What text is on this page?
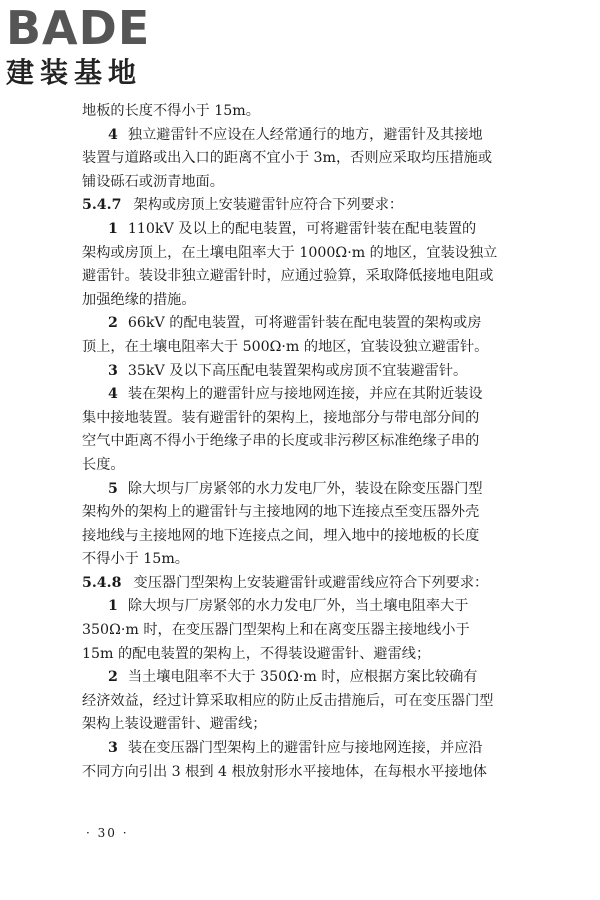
BADE
建装基地
地板的长度不得小于 15m。
4 独立避雷针不应设在人经常通行的地方，避雷针及其接地
装置与道路或出入口的距离不宜小于 3m，否则应采取均压措施或
铺设砾石或沥青地面。
5.4.7 架构或房顶上安装避雷针应符合下列要求：
1 110kV 及以上的配电装置，可将避雷针装在配电装置的
架构或房顶上，在土壤电阻率大于 1000Ω·m 的地区，宜装设独立
避雷针。装设非独立避雷针时，应通过验算，采取降低接地电阻或
加强绝缘的措施。
2 66kV 的配电装置，可将避雷针装在配电装置的架构或房
顶上，在土壤电阻率大于 500Ω·m 的地区，宜装设独立避雷针。
3 35kV 及以下高压配电装置架构或房顶不宜装避雷针。
4 装在架构上的避雷针应与接地网连接，并应在其附近装设
集中接地装置。装有避雷针的架构上，接地部分与带电部分间的
空气中距离不得小于绝缘子串的长度或非污秽区标准绝缘子串的
长度。
5 除大坝与厂房紧邻的水力发电厂外，装设在除变压器门型
架构外的架构上的避雷针与主接地网的地下连接点至变压器外壳
接地线与主接地网的地下连接点之间，埋入地中的接地板的长度
不得小于 15m。
5.4.8 变压器门型架构上安装避雷针或避雷线应符合下列要求：
1 除大坝与厂房紧邻的水力发电厂外，当土壤电阻率大于
350Ω·m 时，在变压器门型架构上和在离变压器主接地线小于
15m 的配电装置的架构上，不得装设避雷针、避雷线；
2 当土壤电阻率不大于 350Ω·m 时，应根据方案比较确有
经济效益，经过计算采取相应的防止反击措施后，可在变压器门型
架构上装设避雷针、避雷线；
3 装在变压器门型架构上的避雷针应与接地网连接，并应沿
不同方向引出 3 根到 4 根放射形水平接地体，在每根水平接地体
· 30 ·
